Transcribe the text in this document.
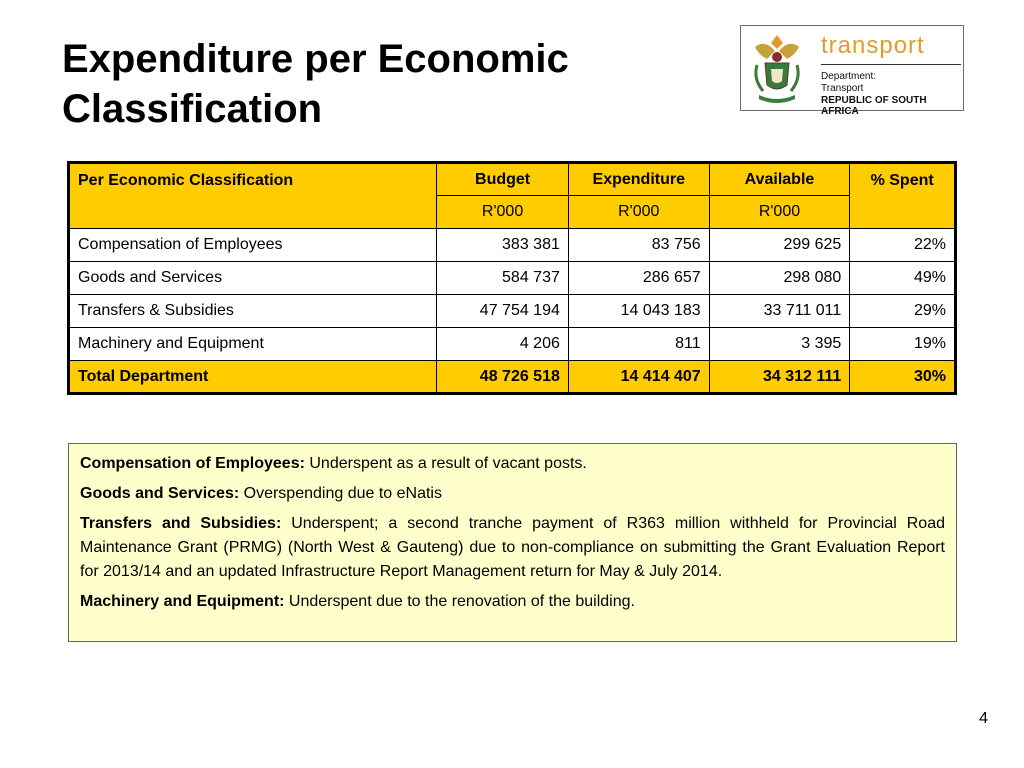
Expenditure per Economic Classification
transport
Department:
Transport
REPUBLIC OF SOUTH AFRICA
Per Economic Classification	Budget	Expenditure	Available	% Spent
	R'000	R'000	R'000	
Compensation of Employees	383 381	83 756	299 625	22%
Goods and Services	584 737	286 657	298 080	49%
Transfers & Subsidies	47 754 194	14 043 183	33 711 011	29%
Machinery and Equipment	4 206	811	3 395	19%
Total Department	48 726 518	14 414 407	34 312 111	30%

Compensation of Employees: Underspent as a result of vacant posts.

Goods and Services: Overspending due to eNatis

Transfers and Subsidies: Underspent; a second tranche payment of R363 million withheld for Provincial Road Maintenance Grant (PRMG) (North West & Gauteng) due to non-compliance on submitting the Grant Evaluation Report for 2013/14 and an updated Infrastructure Report Management return for May & July 2014.

Machinery and Equipment: Underspent due to the renovation of the building.

4
